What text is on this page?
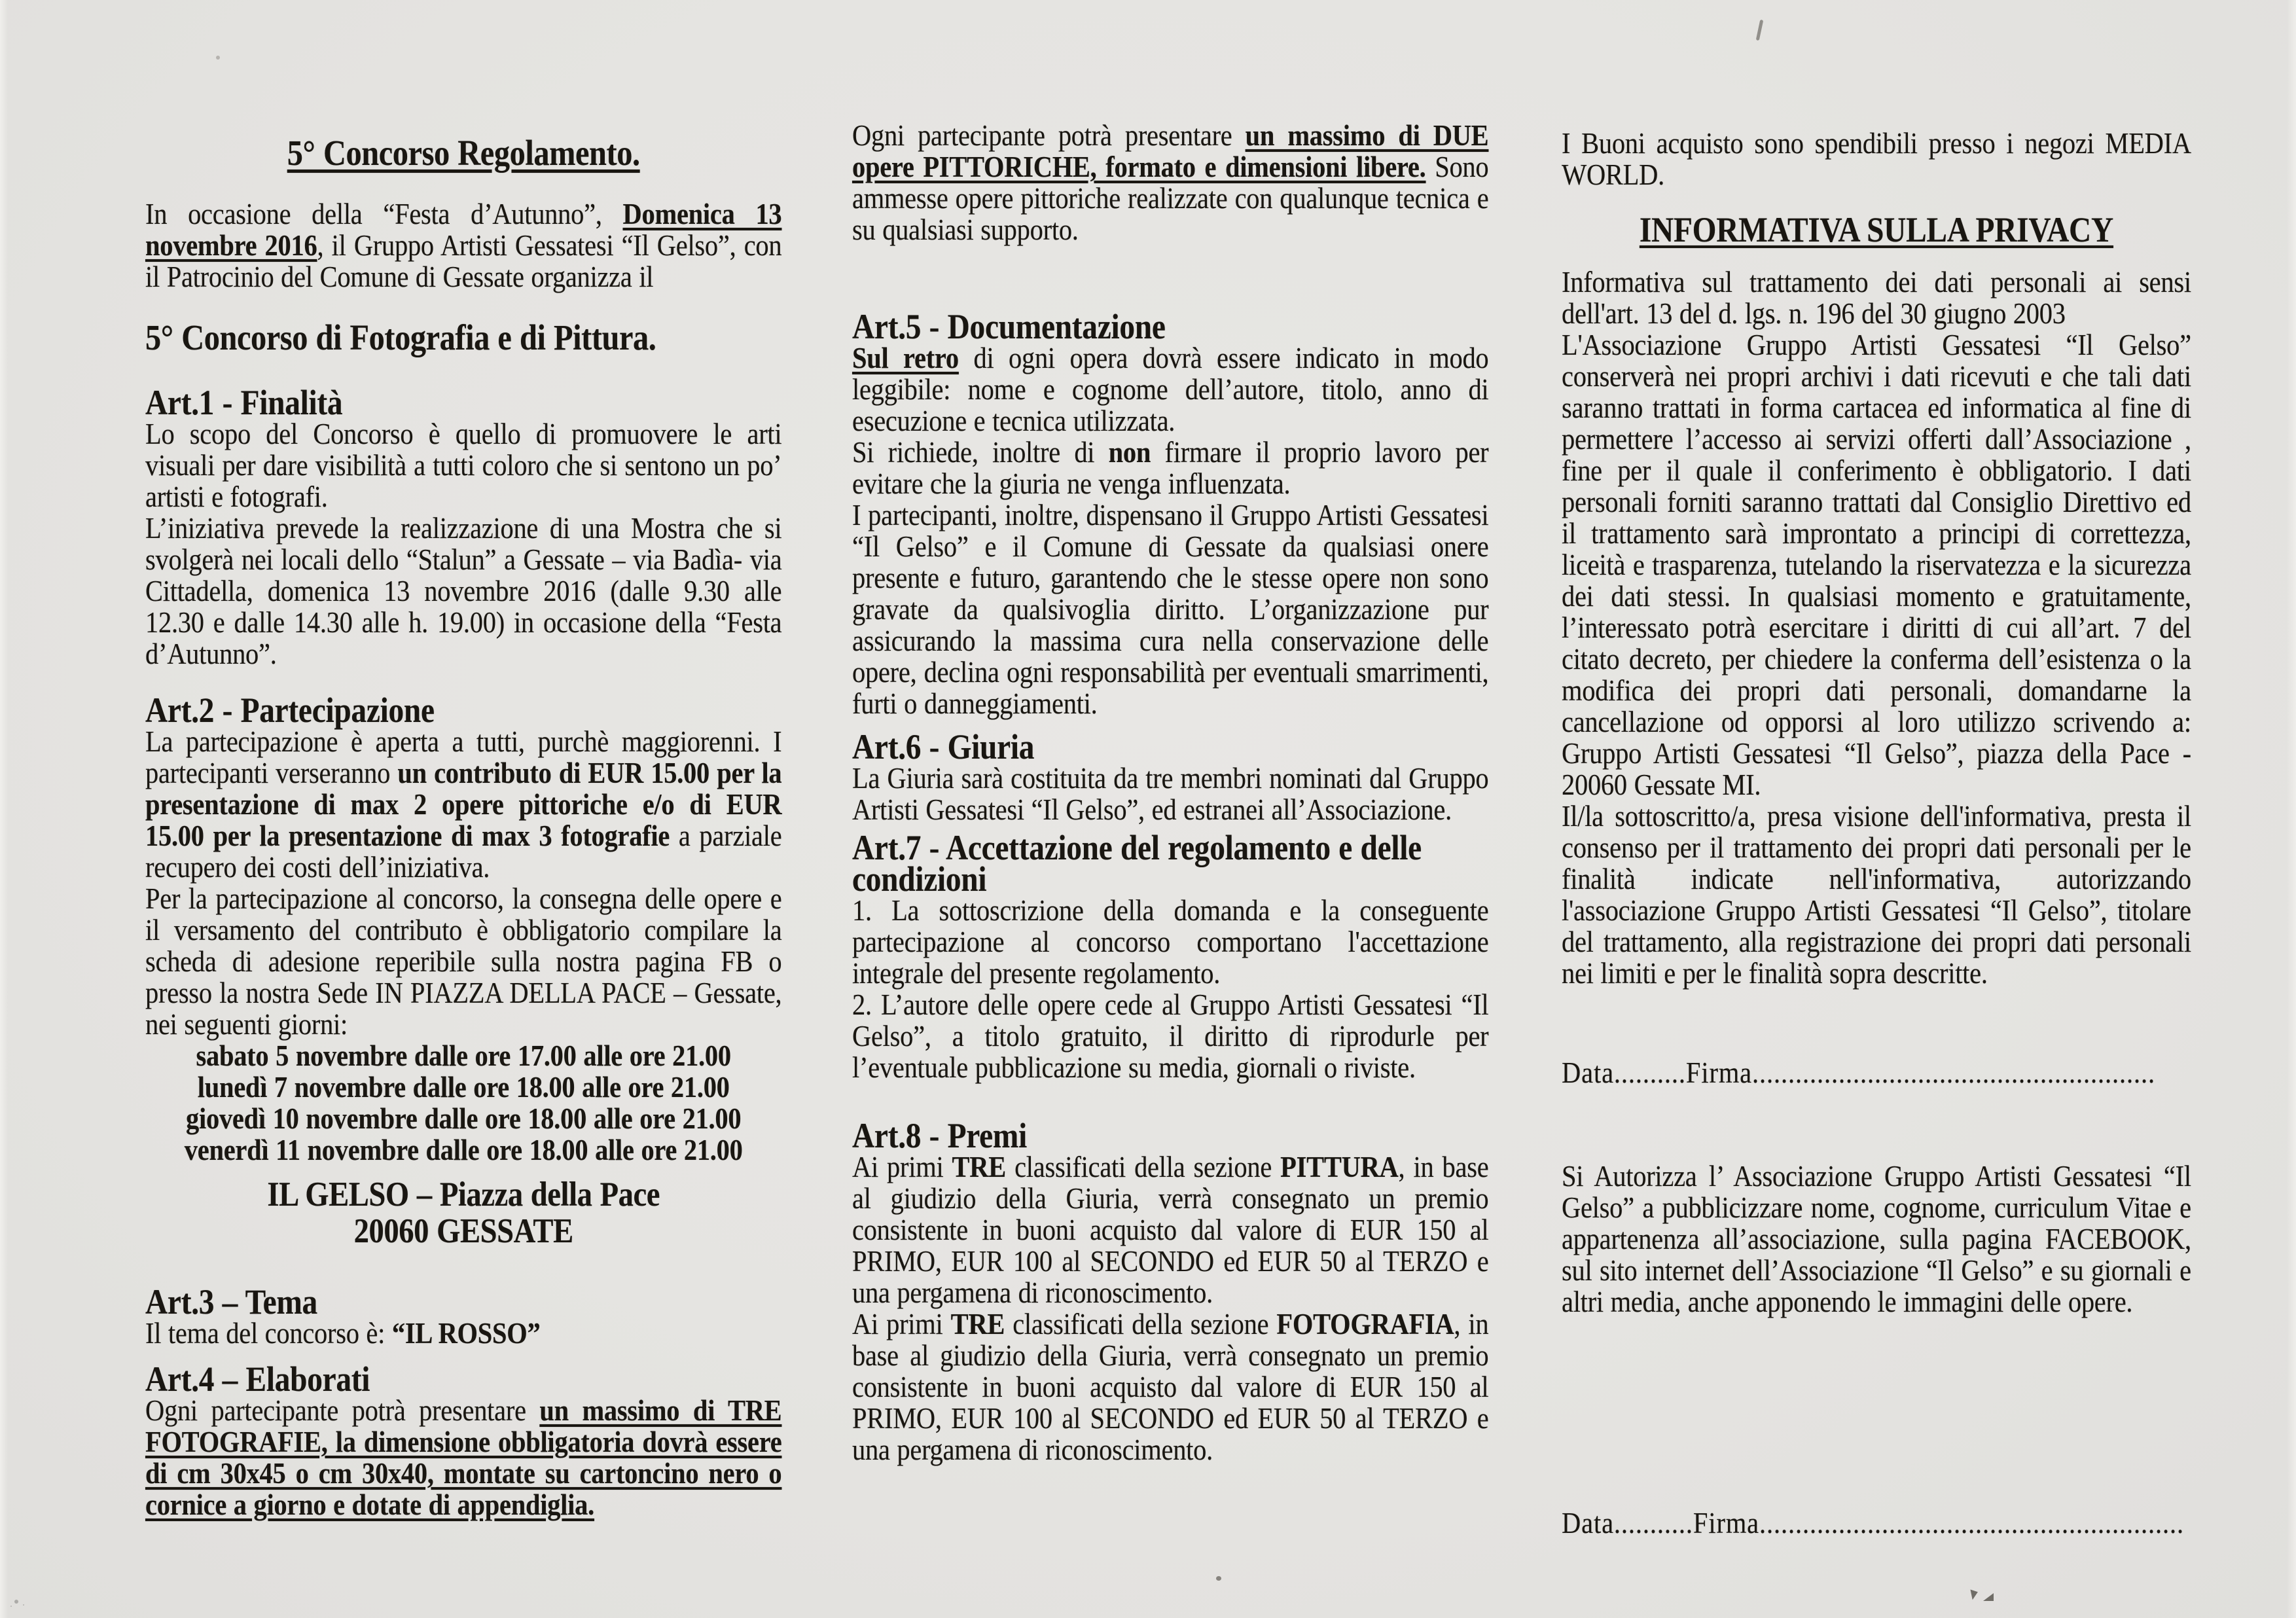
5° Concorso Regolamento.

In occasione della “Festa d’Autunno”, Domenica 13 novembre 2016, il Gruppo Artisti Gessatesi “Il Gelso”, con il Patrocinio del Comune di Gessate organizza il

5° Concorso di Fotografia e di Pittura.
Art.1 - Finalità

Lo scopo del Concorso è quello di promuovere le arti visuali per dare visibilità a tutti coloro che si sentono un po’ artisti e fotografi.

L’iniziativa prevede la realizzazione di una Mostra che si svolgerà nei locali dello “Stalun” a Gessate – via Badìa- via Cittadella, domenica 13 novembre 2016 (dalle 9.30 alle 12.30 e dalle 14.30 alle h. 19.00) in occasione della “Festa d’Autunno”.

Art.2 - Partecipazione

La partecipazione è aperta a tutti, purchè maggiorenni. I partecipanti verseranno un contributo di EUR 15.00 per la presentazione di max 2 opere pittoriche e/o di EUR 15.00 per la presentazione di max 3 fotografie a parziale recupero dei costi dell’iniziativa.

Per la partecipazione al concorso, la consegna delle opere e il versamento del contributo è obbligatorio compilare la scheda di adesione reperibile sulla nostra pagina FB o presso la nostra Sede IN PIAZZA DELLA PACE – Gessate, nei seguenti giorni:

sabato 5 novembre dalle ore 17.00 alle ore 21.00
lunedì 7 novembre dalle ore 18.00 alle ore 21.00
giovedì 10 novembre dalle ore 18.00 alle ore 21.00
venerdì 11 novembre dalle ore 18.00 alle ore 21.00
IL GELSO – Piazza della Pace
20060 GESSATE
Art.3 – Tema

Il tema del concorso è: “IL ROSSO”

Art.4 – Elaborati

Ogni partecipante potrà presentare un massimo di TRE FOTOGRAFIE, la dimensione obbligatoria dovrà essere di cm 30x45 o cm 30x40, montate su cartoncino nero o cornice a giorno e dotate di appendiglia.

Ogni partecipante potrà presentare un massimo di DUE opere PITTORICHE, formato e dimensioni libere. Sono ammesse opere pittoriche realizzate con qualunque tecnica e su qualsiasi supporto.

Art.5 - Documentazione

Sul retro di ogni opera dovrà essere indicato in modo leggibile: nome e cognome dell’autore, titolo, anno di esecuzione e tecnica utilizzata.

Si richiede, inoltre di non firmare il proprio lavoro per evitare che la giuria ne venga influenzata.

I partecipanti, inoltre, dispensano il Gruppo Artisti Gessatesi “Il Gelso” e il Comune di Gessate da qualsiasi onere presente e futuro, garantendo che le stesse opere non sono gravate da qualsivoglia diritto. L’organizzazione pur assicurando la massima cura nella conservazione delle opere, declina ogni responsabilità per eventuali smarrimenti, furti o danneggiamenti.

Art.6 - Giuria

La Giuria sarà costituita da tre membri nominati dal Gruppo Artisti Gessatesi “Il Gelso”, ed estranei all’Associazione.

Art.7 - Accettazione del regolamento e delle condizioni

1. La sottoscrizione della domanda e la conseguente partecipazione al concorso comportano l'accettazione integrale del presente regolamento.

2. L’autore delle opere cede al Gruppo Artisti Gessatesi “Il Gelso”, a titolo gratuito, il diritto di riprodurle per l’eventuale pubblicazione su media, giornali o riviste.

Art.8 - Premi

Ai primi TRE classificati della sezione PITTURA, in base al giudizio della Giuria, verrà consegnato un premio consistente in buoni acquisto dal valore di EUR 150 al PRIMO, EUR 100 al SECONDO ed EUR 50 al TERZO e una pergamena di riconoscimento.

Ai primi TRE classificati della sezione FOTOGRAFIA, in base al giudizio della Giuria, verrà consegnato un premio consistente in buoni acquisto dal valore di EUR 150 al PRIMO, EUR 100 al SECONDO ed EUR 50 al TERZO e una pergamena di riconoscimento.

I Buoni acquisto sono spendibili presso i negozi MEDIA WORLD.

INFORMATIVA SULLA PRIVACY

Informativa sul trattamento dei dati personali ai sensi dell'art. 13 del d. lgs. n. 196 del 30 giugno 2003

L'Associazione Gruppo Artisti Gessatesi “Il Gelso” conserverà nei propri archivi i dati ricevuti e che tali dati saranno trattati in forma cartacea ed informatica al fine di permettere l’accesso ai servizi offerti dall’Associazione , fine per il quale il conferimento è obbligatorio. I dati personali forniti saranno trattati dal Consiglio Direttivo ed il trattamento sarà improntato a principi di correttezza, liceità e trasparenza, tutelando la riservatezza e la sicurezza dei dati stessi. In qualsiasi momento e gratuitamente, l’interessato potrà esercitare i diritti di cui all’art. 7 del citato decreto, per chiedere la conferma dell’esistenza o la modifica dei propri dati personali, domandarne la cancellazione od opporsi al loro utilizzo scrivendo a: Gruppo Artisti Gessatesi “Il Gelso”, piazza della Pace - 20060 Gessate MI.

Il/la sottoscritto/a, presa visione dell'informativa, presta il consenso per il trattamento dei propri dati personali per le finalità indicate nell'informativa, autorizzando l'associazione Gruppo Artisti Gessatesi “Il Gelso”, titolare del trattamento, alla registrazione dei propri dati personali nei limiti e per le finalità sopra descritte.

Data..........Firma........................................................

Si Autorizza l’ Associazione Gruppo Artisti Gessatesi “Il Gelso” a pubblicizzare nome, cognome, curriculum Vitae e appartenenza all’associazione, sulla pagina FACEBOOK, sul sito internet dell’Associazione “Il Gelso” e su giornali e altri media, anche apponendo le immagini delle opere.

Data...........Firma...........................................................
